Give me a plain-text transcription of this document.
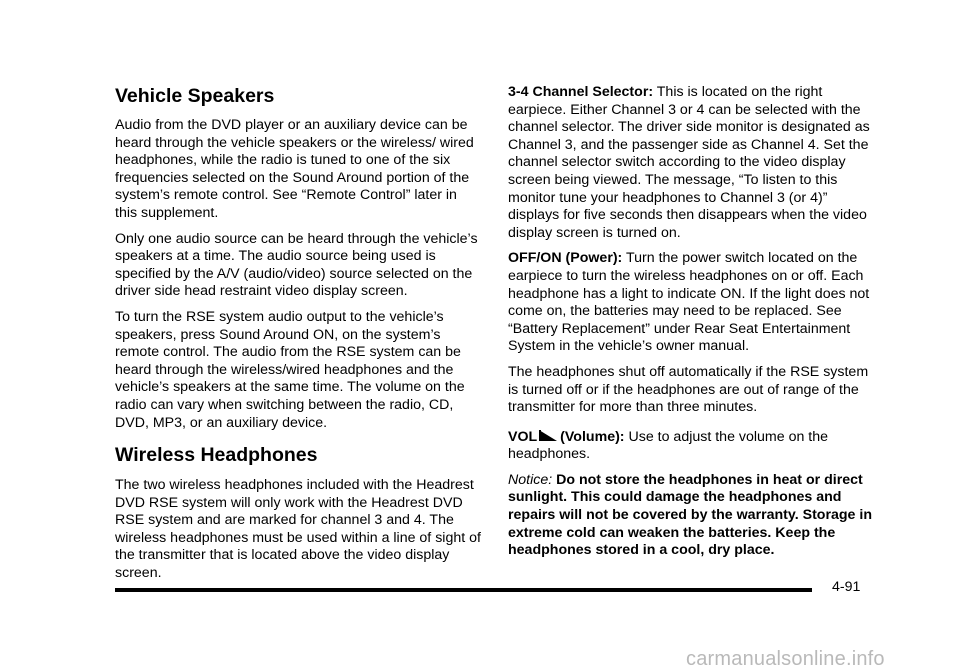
Vehicle Speakers

Audio from the DVD player or an auxiliary device can be heard through the vehicle speakers or the wireless/ wired headphones, while the radio is tuned to one of the six frequencies selected on the Sound Around portion of the system’s remote control. See “Remote Control” later in this supplement.

Only one audio source can be heard through the vehicle’s speakers at a time. The audio source being used is specified by the A/V (audio/video) source selected on the driver side head restraint video display screen.

To turn the RSE system audio output to the vehicle’s speakers, press Sound Around ON, on the system’s remote control. The audio from the RSE system can be heard through the wireless/wired headphones and the vehicle’s speakers at the same time. The volume on the radio can vary when switching between the radio, CD, DVD, MP3, or an auxiliary device.

Wireless Headphones

The two wireless headphones included with the Headrest DVD RSE system will only work with the Headrest DVD RSE system and are marked for channel 3 and 4. The wireless headphones must be used within a line of sight of the transmitter that is located above the video display screen.

3-4 Channel Selector: This is located on the right earpiece. Either Channel 3 or 4 can be selected with the channel selector. The driver side monitor is designated as Channel 3, and the passenger side as Channel 4. Set the channel selector switch according to the video display screen being viewed. The message, “To listen to this monitor tune your headphones to Channel 3 (or 4)” displays for five seconds then disappears when the video display screen is turned on.

OFF/ON (Power): Turn the power switch located on the earpiece to turn the wireless headphones on or off. Each headphone has a light to indicate ON. If the light does not come on, the batteries may need to be replaced. See “Battery Replacement” under Rear Seat Entertainment System in the vehicle’s owner manual.

The headphones shut off automatically if the RSE system is turned off or if the headphones are out of range of the transmitter for more than three minutes.

VOL (Volume): Use to adjust the volume on the headphones.

Notice: Do not store the headphones in heat or direct sunlight. This could damage the headphones and repairs will not be covered by the warranty. Storage in extreme cold can weaken the batteries. Keep the headphones stored in a cool, dry place.

4-91
carmanualsonline.info
